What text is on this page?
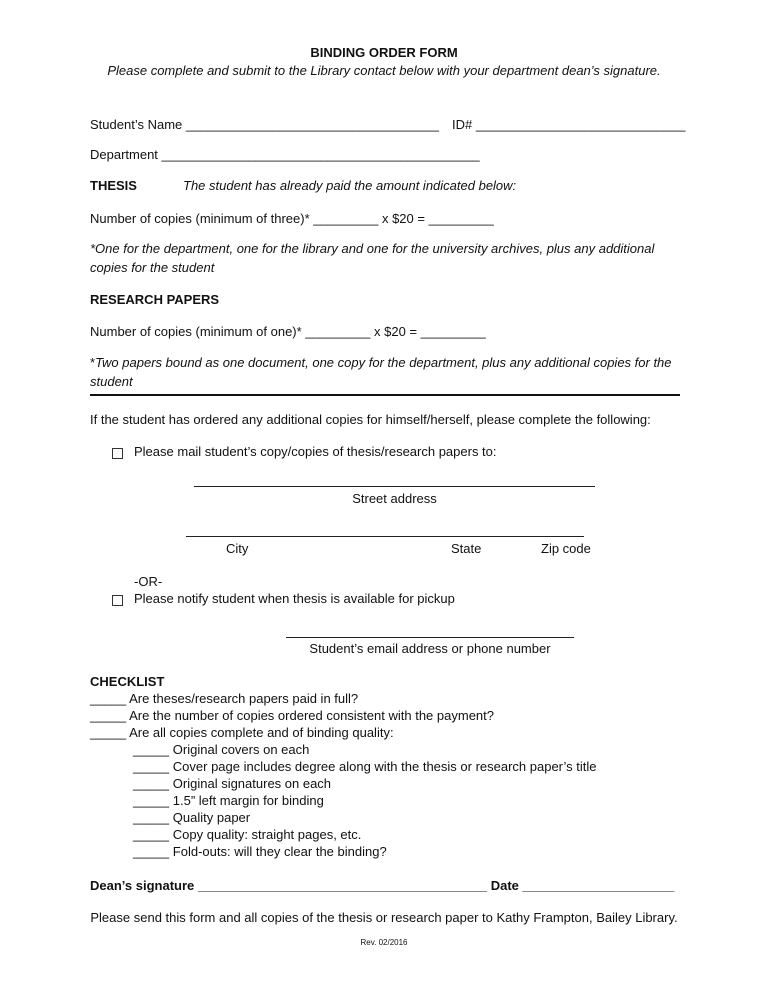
BINDING ORDER FORM
Please complete and submit to the Library contact below with your department dean’s signature.
Student’s Name ___________________________________ ID# _____________________________
Department ____________________________________________
THESIS	The student has already paid the amount indicated below:
Number of copies (minimum of three)* _________ x $20 = _________
*One for the department, one for the library and one for the university archives, plus any additional
copies for the student
RESEARCH PAPERS
Number of copies (minimum of one)* _________ x $20 = _________
*Two papers bound as one document, one copy for the department, plus any additional copies for the
student
If the student has ordered any additional copies for himself/herself, please complete the following:
Please mail student’s copy/copies of thesis/research papers to:
Street address
City	State	Zip code
-OR-
Please notify student when thesis is available for pickup
Student’s email address or phone number
CHECKLIST
_____ Are theses/research papers paid in full?
_____ Are the number of copies ordered consistent with the payment?
_____ Are all copies complete and of binding quality:
_____ Original covers on each
_____ Cover page includes degree along with the thesis or research paper’s title
_____ Original signatures on each
_____ 1.5” left margin for binding
_____ Quality paper
_____ Copy quality: straight pages, etc.
_____ Fold-outs: will they clear the binding?
Dean’s signature ________________________________________ Date _____________________
Please send this form and all copies of the thesis or research paper to Kathy Frampton, Bailey Library.
Rev. 02/2016
